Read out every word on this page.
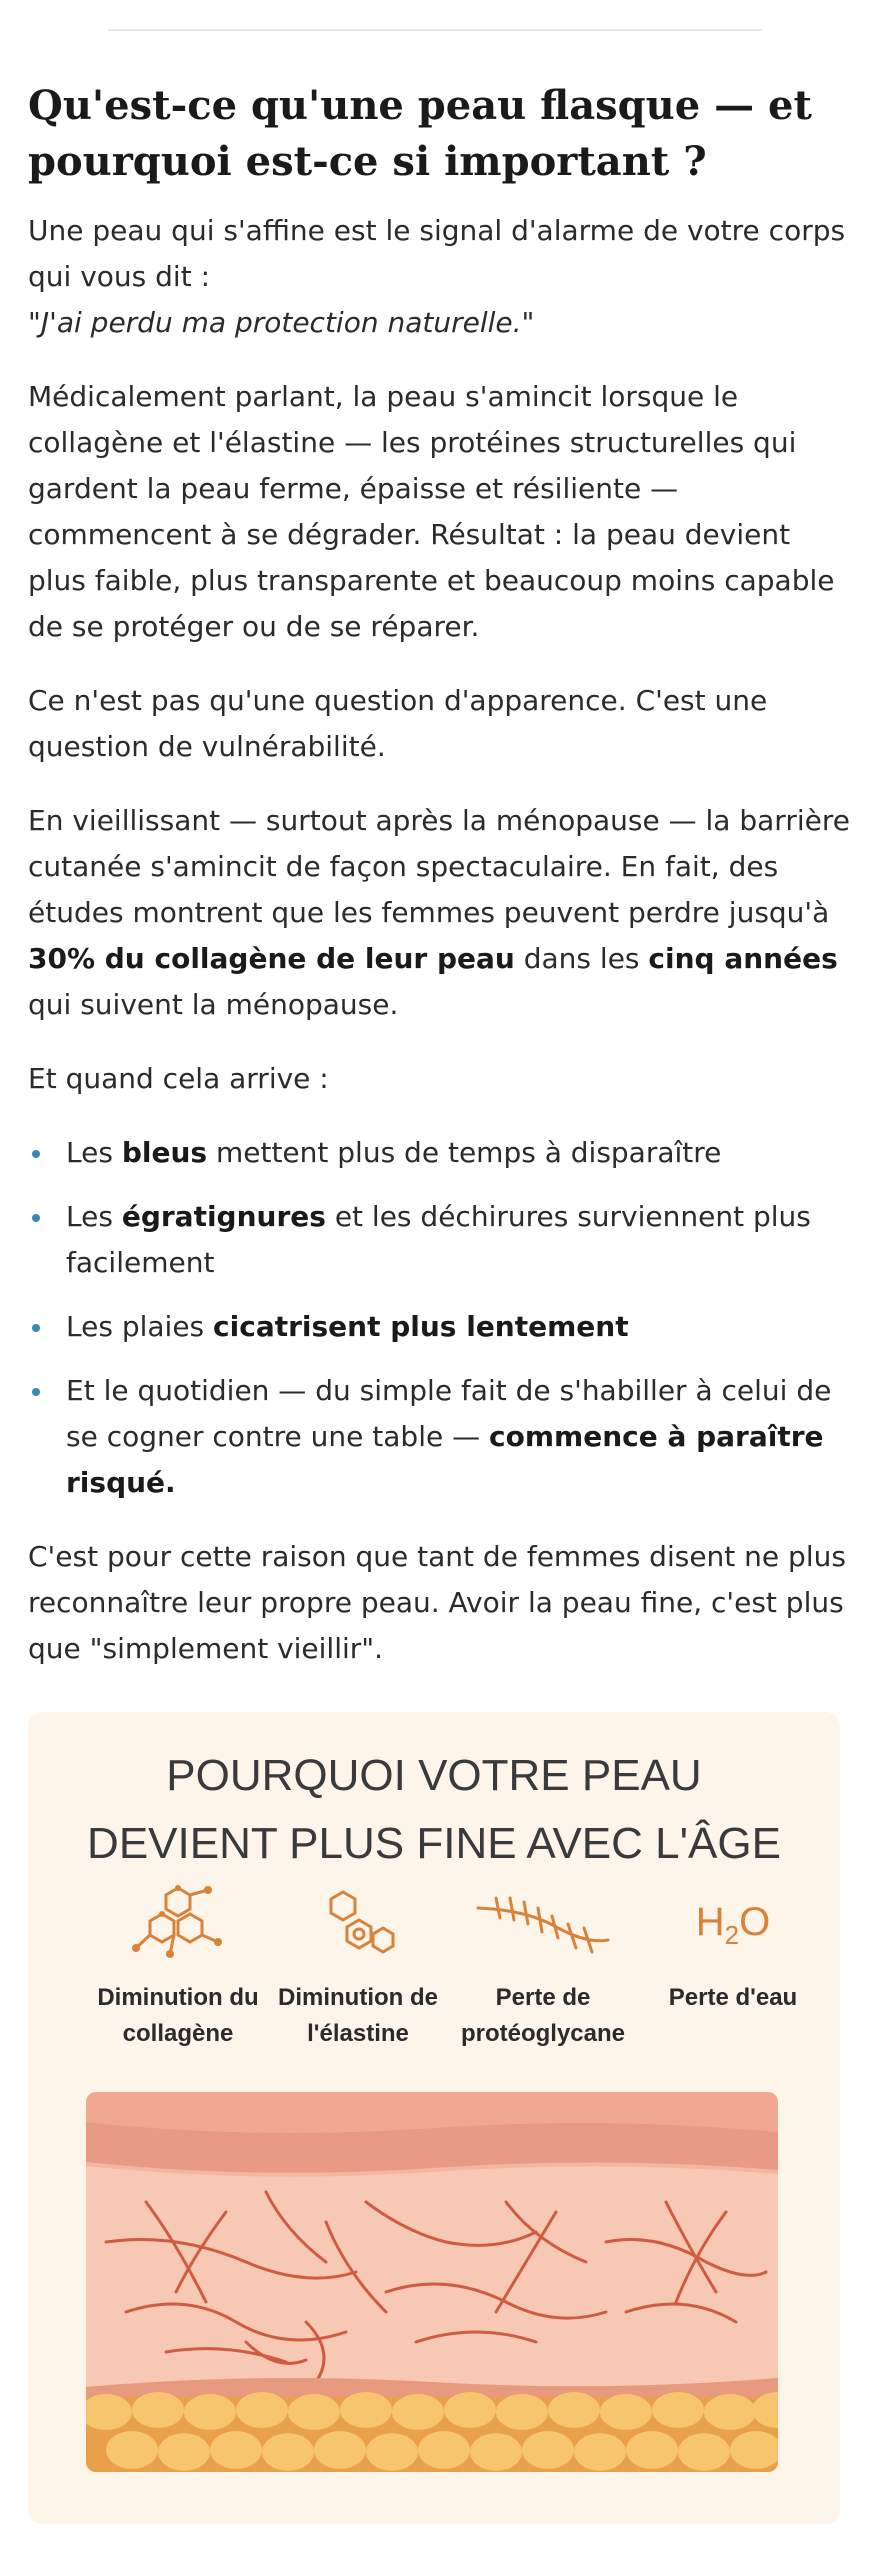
Qu'est-ce qu'une peau flasque — et pourquoi est-ce si important ?

Une peau qui s'affine est le signal d'alarme de votre corps qui vous dit :
"J'ai perdu ma protection naturelle."

Médicalement parlant, la peau s'amincit lorsque le collagène et l'élastine — les protéines structurelles qui gardent la peau ferme, épaisse et résiliente — commencent à se dégrader. Résultat : la peau devient plus faible, plus transparente et beaucoup moins capable de se protéger ou de se réparer.

Ce n'est pas qu'une question d'apparence. C'est une question de vulnérabilité.

En vieillissant — surtout après la ménopause — la barrière cutanée s'amincit de façon spectaculaire. En fait, des études montrent que les femmes peuvent perdre jusqu'à 30% du collagène de leur peau dans les cinq années qui suivent la ménopause.

Et quand cela arrive :

Les bleus mettent plus de temps à disparaître
Les égratignures et les déchirures surviennent plus facilement
Les plaies cicatrisent plus lentement
Et le quotidien — du simple fait de s'habiller à celui de se cogner contre une table — commence à paraître risqué.

C'est pour cette raison que tant de femmes disent ne plus reconnaître leur propre peau. Avoir la peau fine, c'est plus que "simplement vieillir".

POURQUOI VOTRE PEAU
DEVIENT PLUS FINE AVEC L'ÂGE
Diminution du collagène
Diminution de l'élastine
Perte de protéoglycane
$H_2O$
Perte d'eau
